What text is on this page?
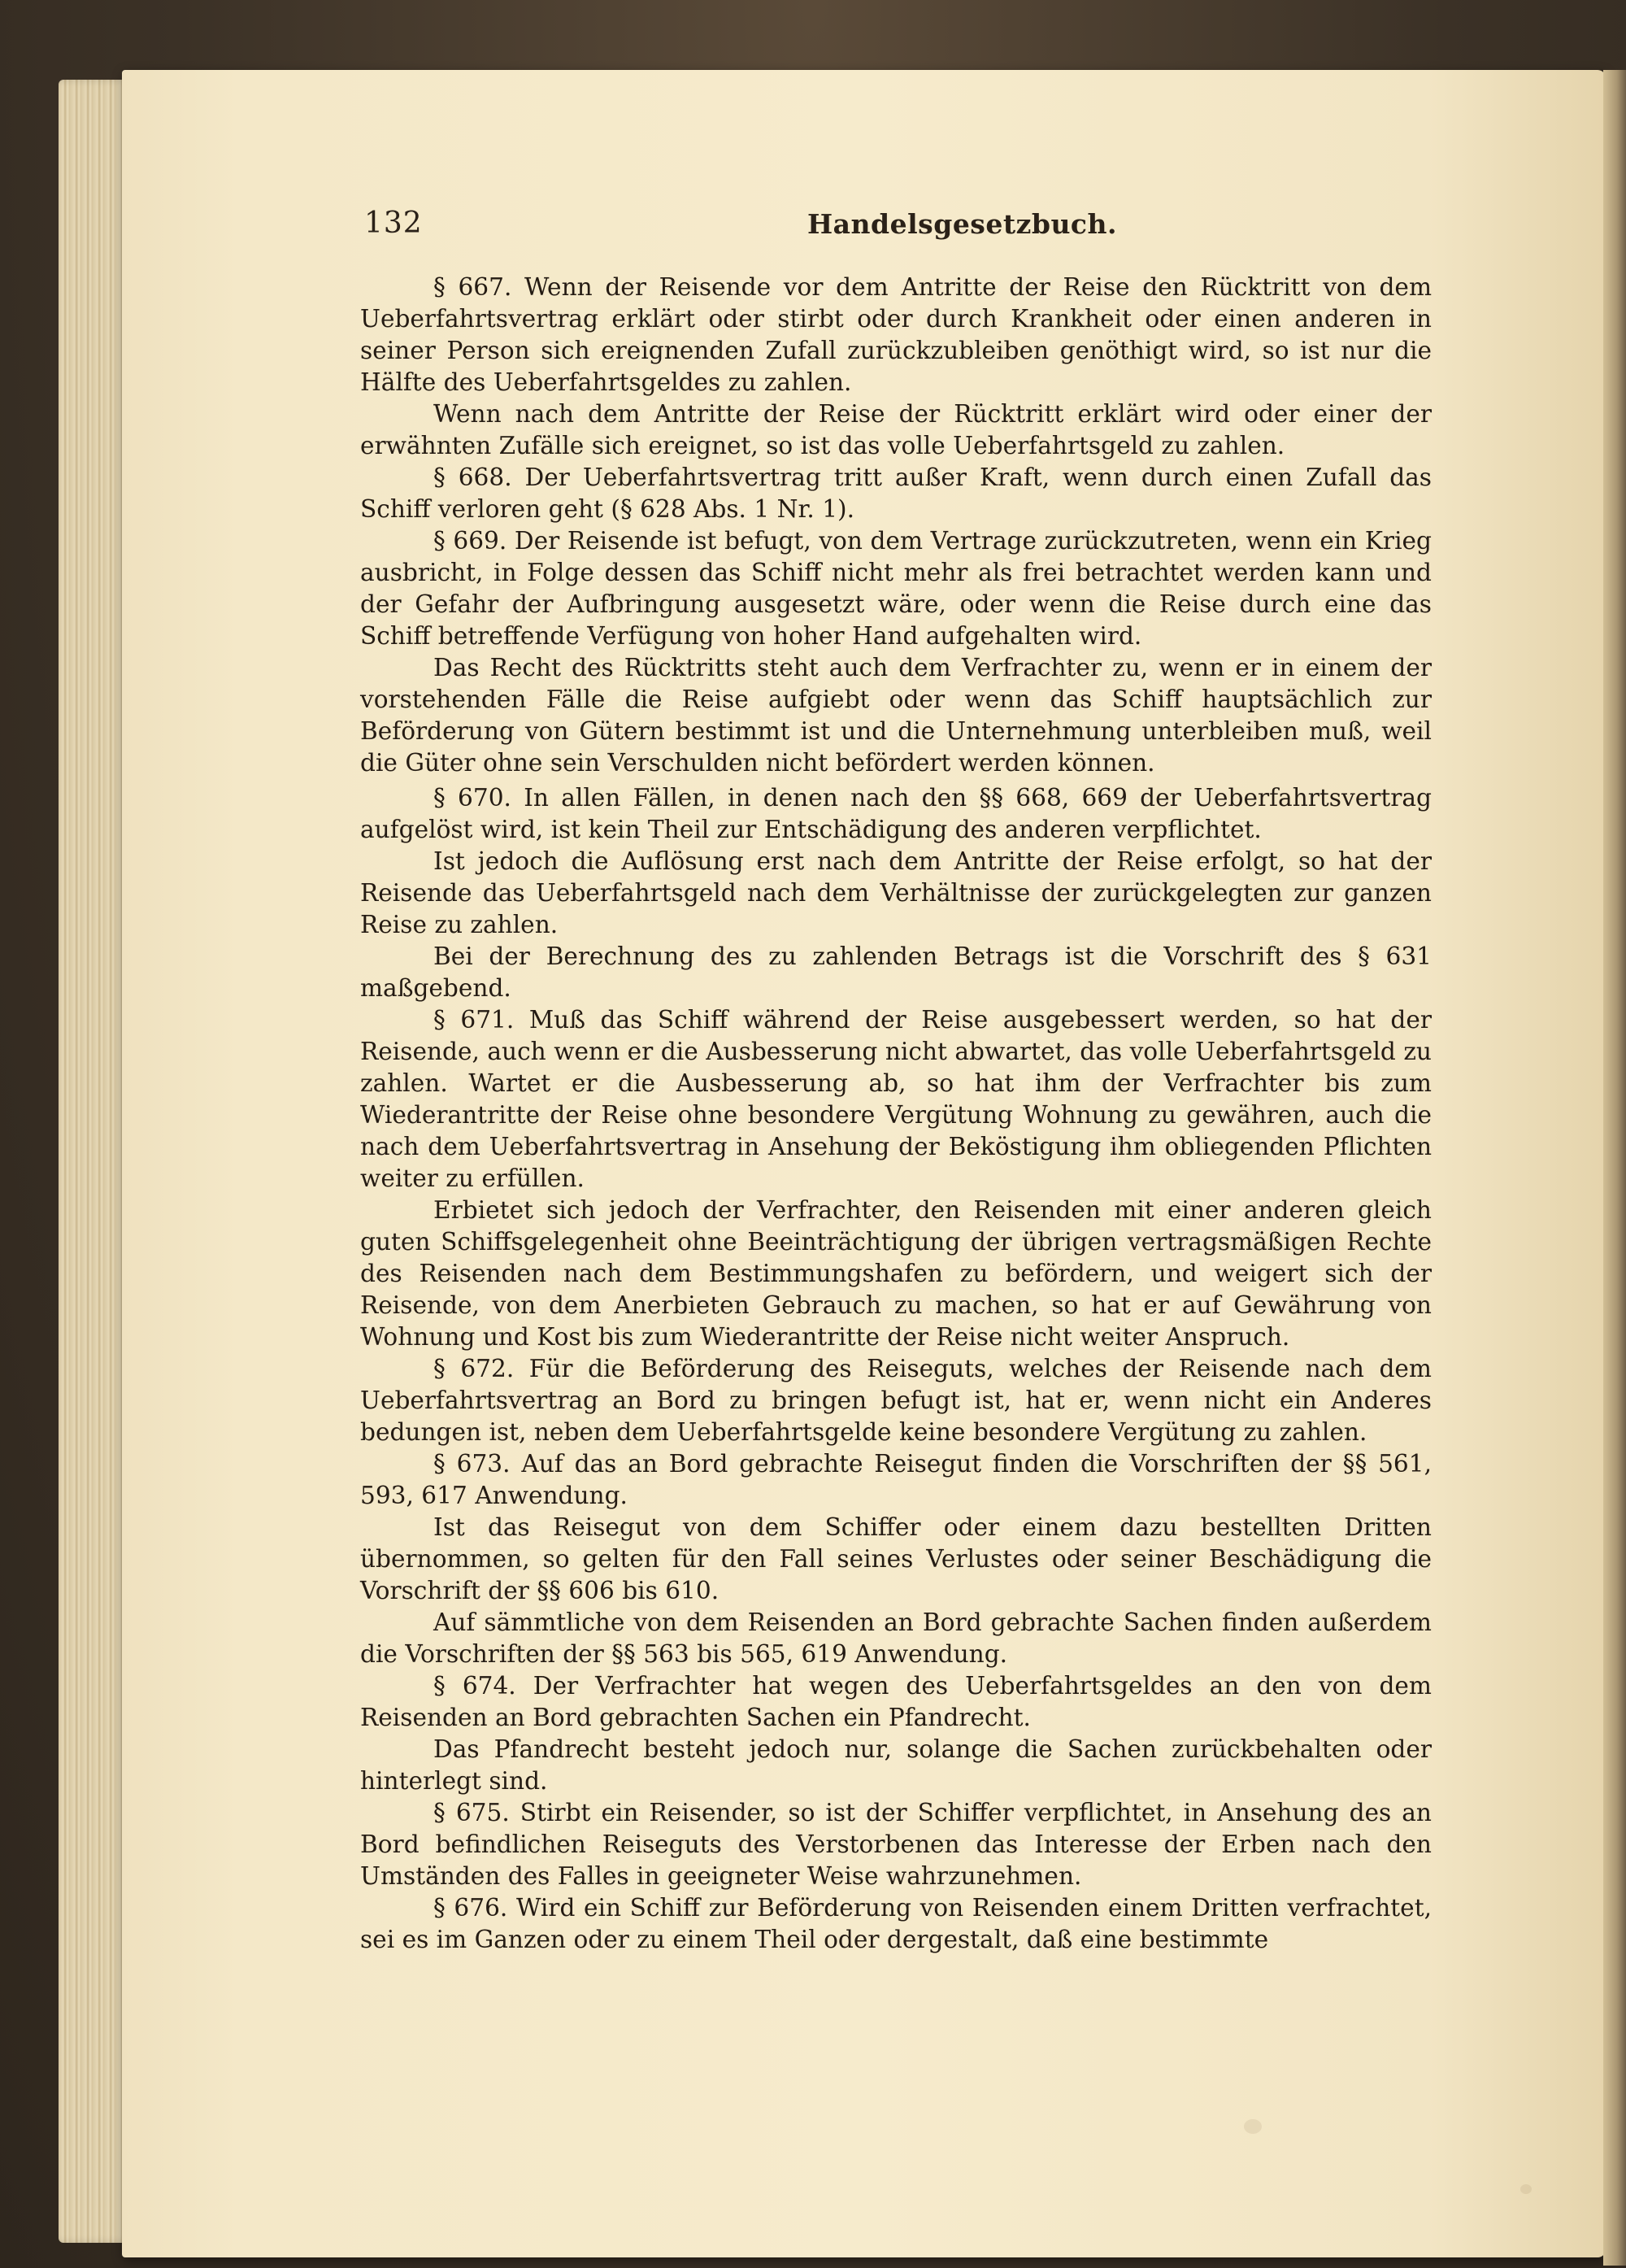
132	Handelsgesetzbuch.

§ 667. Wenn der Reisende vor dem Antritte der Reise den Rücktritt von dem Ueberfahrtsvertrag erklärt oder stirbt oder durch Krankheit oder einen anderen in seiner Person sich ereignenden Zufall zurückzubleiben genöthigt wird, so ist nur die Hälfte des Ueberfahrtsgeldes zu zahlen.

Wenn nach dem Antritte der Reise der Rücktritt erklärt wird oder einer der erwähnten Zufälle sich ereignet, so ist das volle Ueberfahrtsgeld zu zahlen.

§ 668. Der Ueberfahrtsvertrag tritt außer Kraft, wenn durch einen Zufall das Schiff verloren geht (§ 628 Abs. 1 Nr. 1).

§ 669. Der Reisende ist befugt, von dem Vertrage zurückzutreten, wenn ein Krieg ausbricht, in Folge dessen das Schiff nicht mehr als frei betrachtet werden kann und der Gefahr der Aufbringung ausgesetzt wäre, oder wenn die Reise durch eine das Schiff betreffende Verfügung von hoher Hand aufgehalten wird.

Das Recht des Rücktritts steht auch dem Verfrachter zu, wenn er in einem der vorstehenden Fälle die Reise aufgiebt oder wenn das Schiff hauptsächlich zur Beförderung von Gütern bestimmt ist und die Unternehmung unterbleiben muß, weil die Güter ohne sein Verschulden nicht befördert werden können.

§ 670. In allen Fällen, in denen nach den §§ 668, 669 der Ueberfahrtsvertrag aufgelöst wird, ist kein Theil zur Entschädigung des anderen verpflichtet.

Ist jedoch die Auflösung erst nach dem Antritte der Reise erfolgt, so hat der Reisende das Ueberfahrtsgeld nach dem Verhältnisse der zurückgelegten zur ganzen Reise zu zahlen.

Bei der Berechnung des zu zahlenden Betrags ist die Vorschrift des § 631 maßgebend.

§ 671. Muß das Schiff während der Reise ausgebessert werden, so hat der Reisende, auch wenn er die Ausbesserung nicht abwartet, das volle Ueberfahrtsgeld zu zahlen. Wartet er die Ausbesserung ab, so hat ihm der Verfrachter bis zum Wiederantritte der Reise ohne besondere Vergütung Wohnung zu gewähren, auch die nach dem Ueberfahrtsvertrag in Ansehung der Beköstigung ihm obliegenden Pflichten weiter zu erfüllen.

Erbietet sich jedoch der Verfrachter, den Reisenden mit einer anderen gleich guten Schiffsgelegenheit ohne Beeinträchtigung der übrigen vertragsmäßigen Rechte des Reisenden nach dem Bestimmungshafen zu befördern, und weigert sich der Reisende, von dem Anerbieten Gebrauch zu machen, so hat er auf Gewährung von Wohnung und Kost bis zum Wiederantritte der Reise nicht weiter Anspruch.

§ 672. Für die Beförderung des Reiseguts, welches der Reisende nach dem Ueberfahrtsvertrag an Bord zu bringen befugt ist, hat er, wenn nicht ein Anderes bedungen ist, neben dem Ueberfahrtsgelde keine besondere Vergütung zu zahlen.

§ 673. Auf das an Bord gebrachte Reisegut finden die Vorschriften der §§ 561, 593, 617 Anwendung.

Ist das Reisegut von dem Schiffer oder einem dazu bestellten Dritten übernommen, so gelten für den Fall seines Verlustes oder seiner Beschädigung die Vorschrift der §§ 606 bis 610.

Auf sämmtliche von dem Reisenden an Bord gebrachte Sachen finden außerdem die Vorschriften der §§ 563 bis 565, 619 Anwendung.

§ 674. Der Verfrachter hat wegen des Ueberfahrtsgeldes an den von dem Reisenden an Bord gebrachten Sachen ein Pfandrecht.

Das Pfandrecht besteht jedoch nur, solange die Sachen zurückbehalten oder hinterlegt sind.

§ 675. Stirbt ein Reisender, so ist der Schiffer verpflichtet, in Ansehung des an Bord befindlichen Reiseguts des Verstorbenen das Interesse der Erben nach den Umständen des Falles in geeigneter Weise wahrzunehmen.

§ 676. Wird ein Schiff zur Beförderung von Reisenden einem Dritten verfrachtet, sei es im Ganzen oder zu einem Theil oder dergestalt, daß eine bestimmte
